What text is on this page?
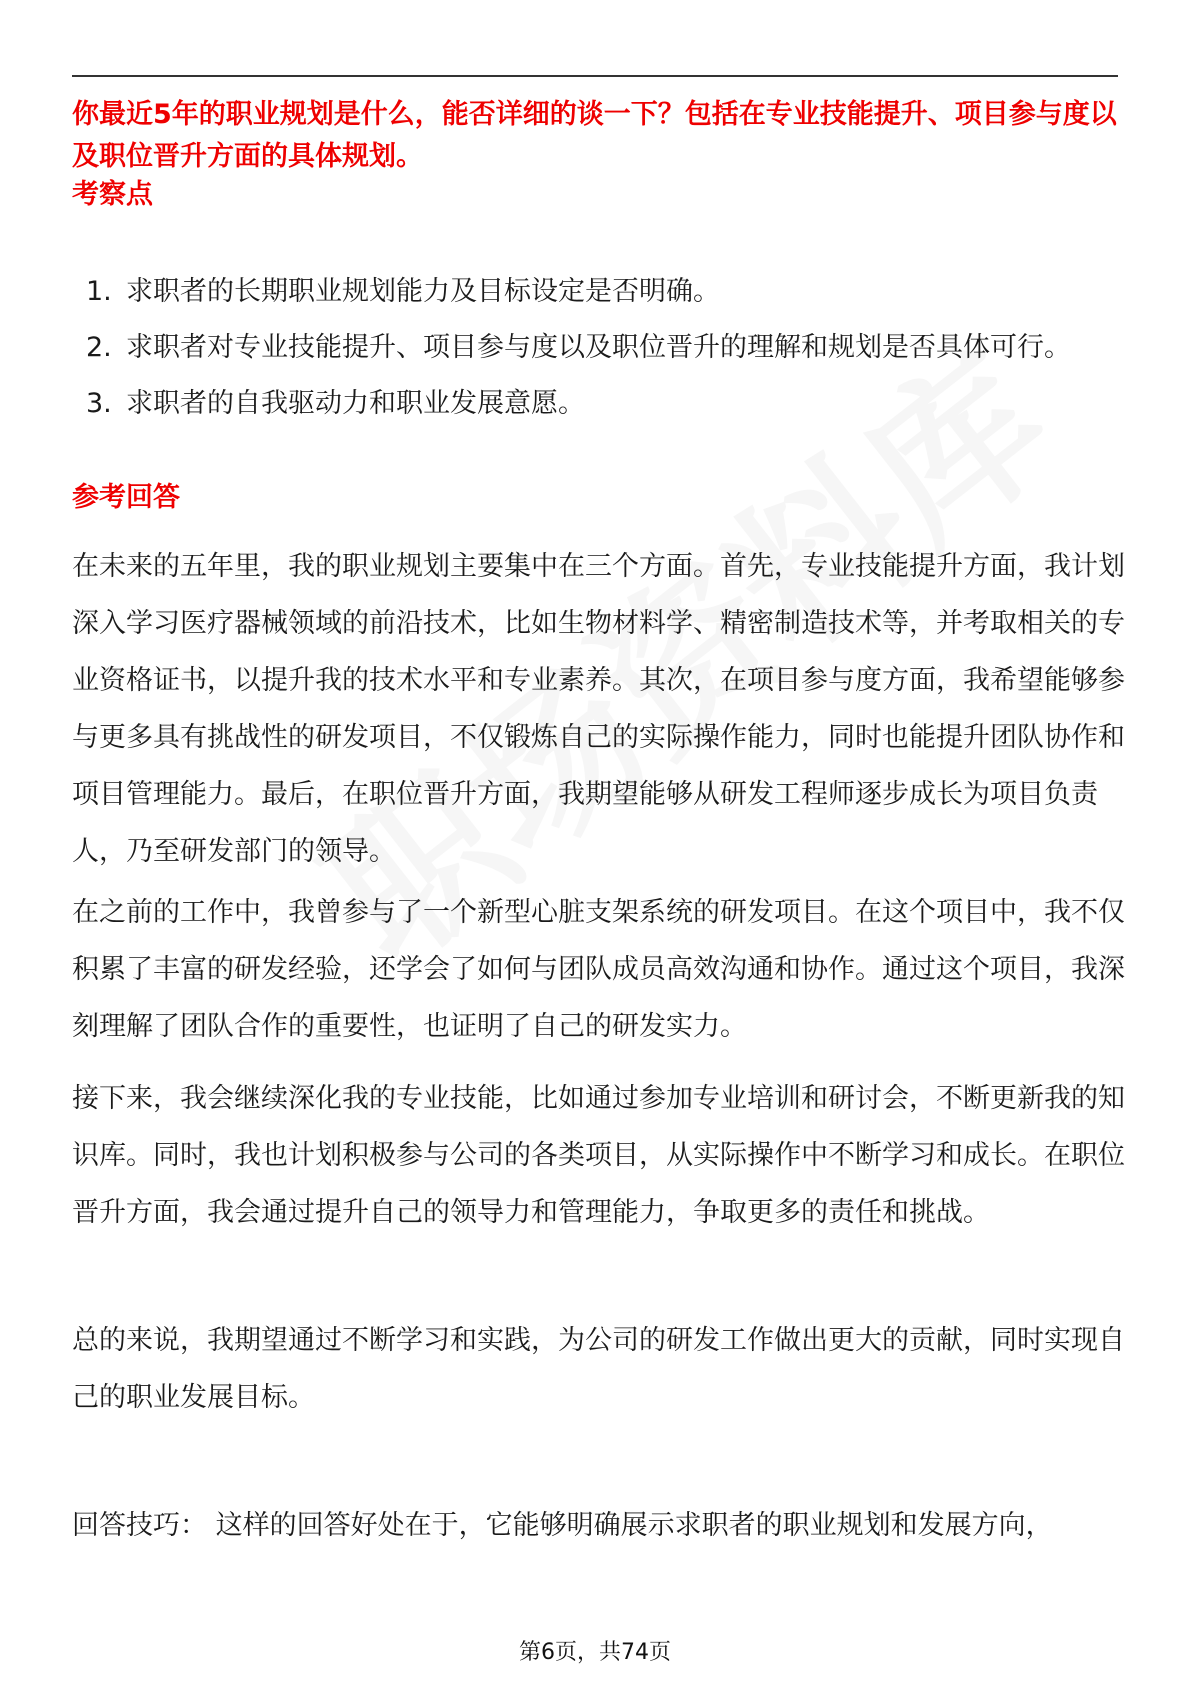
你最近5年的职业规划是什么，能否详细的谈一下？包括在专业技能提升、项目参与度以及职位晋升方面的具体规划。

考察点
1. 求职者的长期职业规划能力及目标设定是否明确。
2. 求职者对专业技能提升、项目参与度以及职位晋升的理解和规划是否具体可行。
3. 求职者的自我驱动力和职业发展意愿。
参考回答

在未来的五年里，我的职业规划主要集中在三个方面。首先，专业技能提升方面，我计划深入学习医疗器械领域的前沿技术，比如生物材料学、精密制造技术等，并考取相关的专业资格证书，以提升我的技术水平和专业素养。其次，在项目参与度方面，我希望能够参与更多具有挑战性的研发项目，不仅锻炼自己的实际操作能力，同时也能提升团队协作和项目管理能力。最后，在职位晋升方面，我期望能够从研发工程师逐步成长为项目负责人，乃至研发部门的领导。

在之前的工作中，我曾参与了一个新型心脏支架系统的研发项目。在这个项目中，我不仅积累了丰富的研发经验，还学会了如何与团队成员高效沟通和协作。通过这个项目，我深刻理解了团队合作的重要性，也证明了自己的研发实力。

接下来，我会继续深化我的专业技能，比如通过参加专业培训和研讨会，不断更新我的知识库。同时，我也计划积极参与公司的各类项目，从实际操作中不断学习和成长。在职位晋升方面，我会通过提升自己的领导力和管理能力，争取更多的责任和挑战。

总的来说，我期望通过不断学习和实践，为公司的研发工作做出更大的贡献，同时实现自己的职业发展目标。

回答技巧： 这样的回答好处在于，它能够明确展示求职者的职业规划和发展方向，

第6页，共74页
